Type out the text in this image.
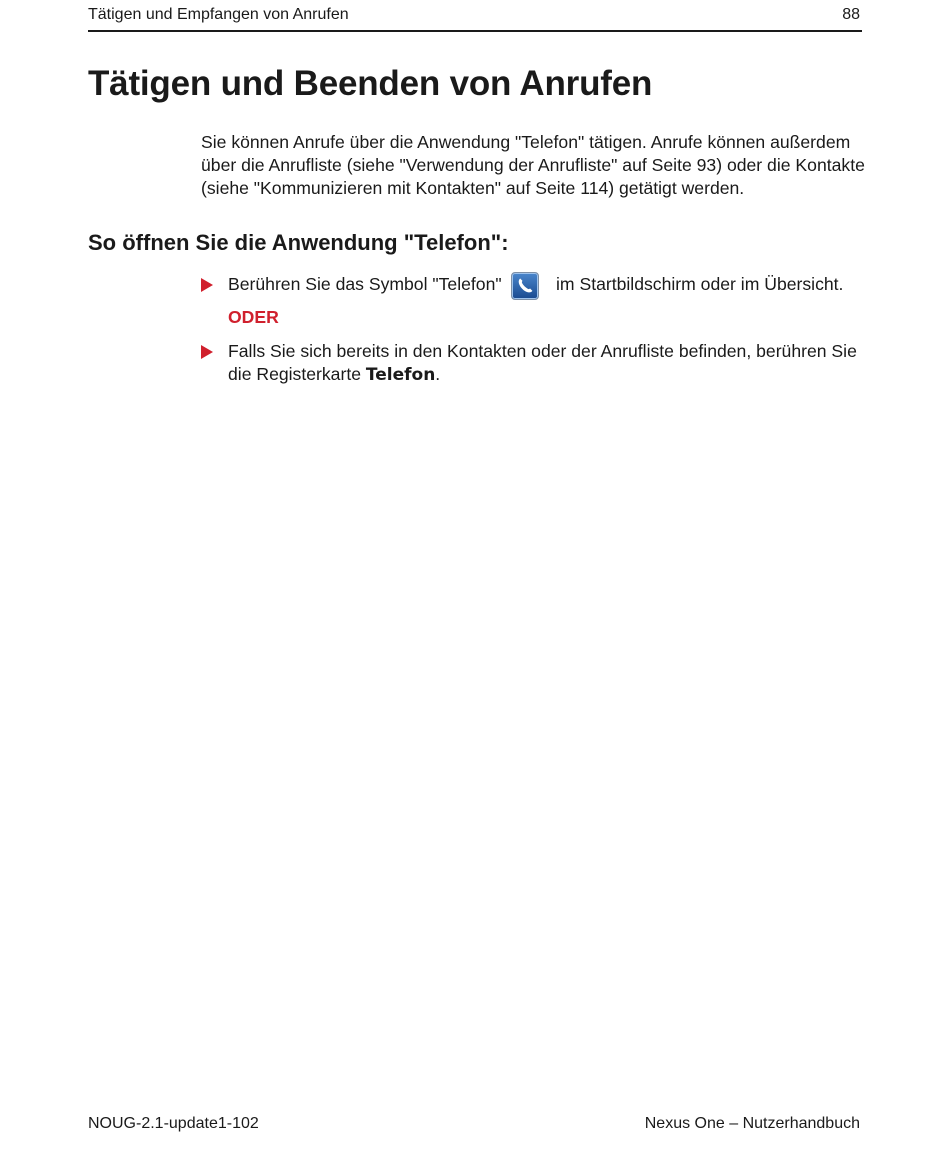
Tätigen und Empfangen von Anrufen	88
Tätigen und Beenden von Anrufen

Sie können Anrufe über die Anwendung "Telefon" tätigen. Anrufe können außerdem über die Anrufliste (siehe "Verwendung der Anrufliste" auf Seite 93) oder die Kontakte (siehe "Kommunizieren mit Kontakten" auf Seite 114) getätigt werden.

So öffnen Sie die Anwendung "Telefon":
Berühren Sie das Symbol "Telefon"	im Startbildschirm oder im Übersicht.
ODER
Falls Sie sich bereits in den Kontakten oder der Anrufliste befinden, berühren Sie die Registerkarte Telefon.
NOUG-2.1-update1-102	Nexus One – Nutzerhandbuch
